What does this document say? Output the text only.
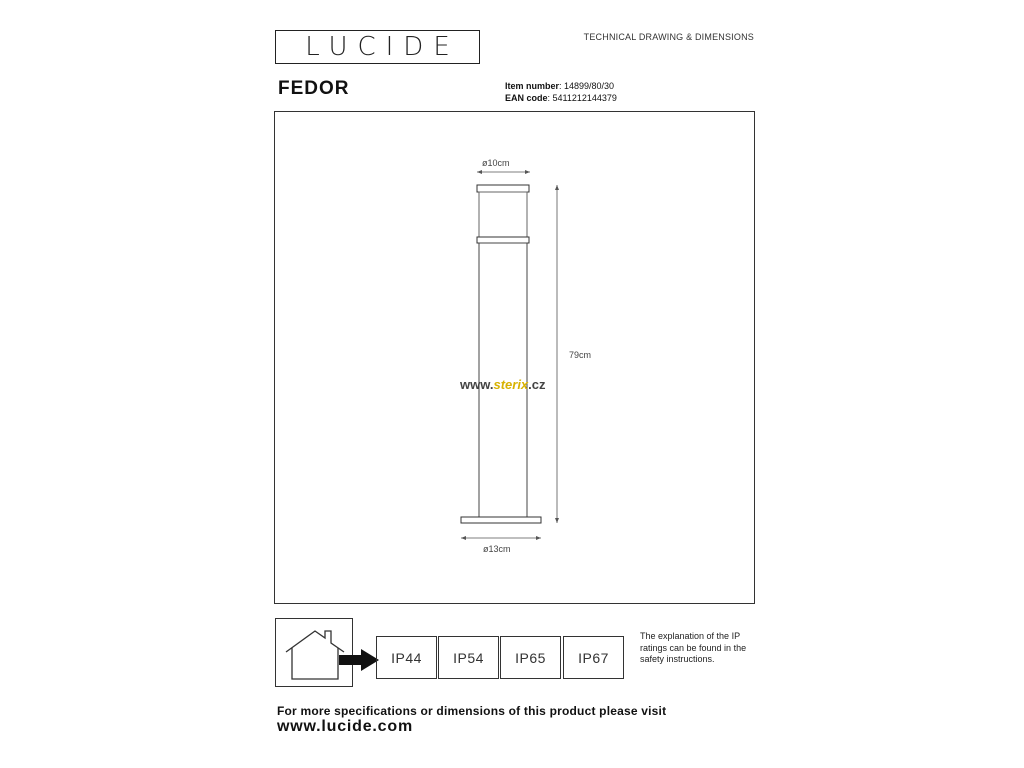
LUCIDE	TECHNICAL DRAWING & DIMENSIONS
FEDOR	Item number: 14899/80/30
EAN code: 5411212144379
ø10cm
79cm
ø13cm
www.sterix.cz
IP44	IP54	IP65	IP67
The explanation of the IP ratings can be found in the safety instructions.
For more specifications or dimensions of this product please visit
www.lucide.com
